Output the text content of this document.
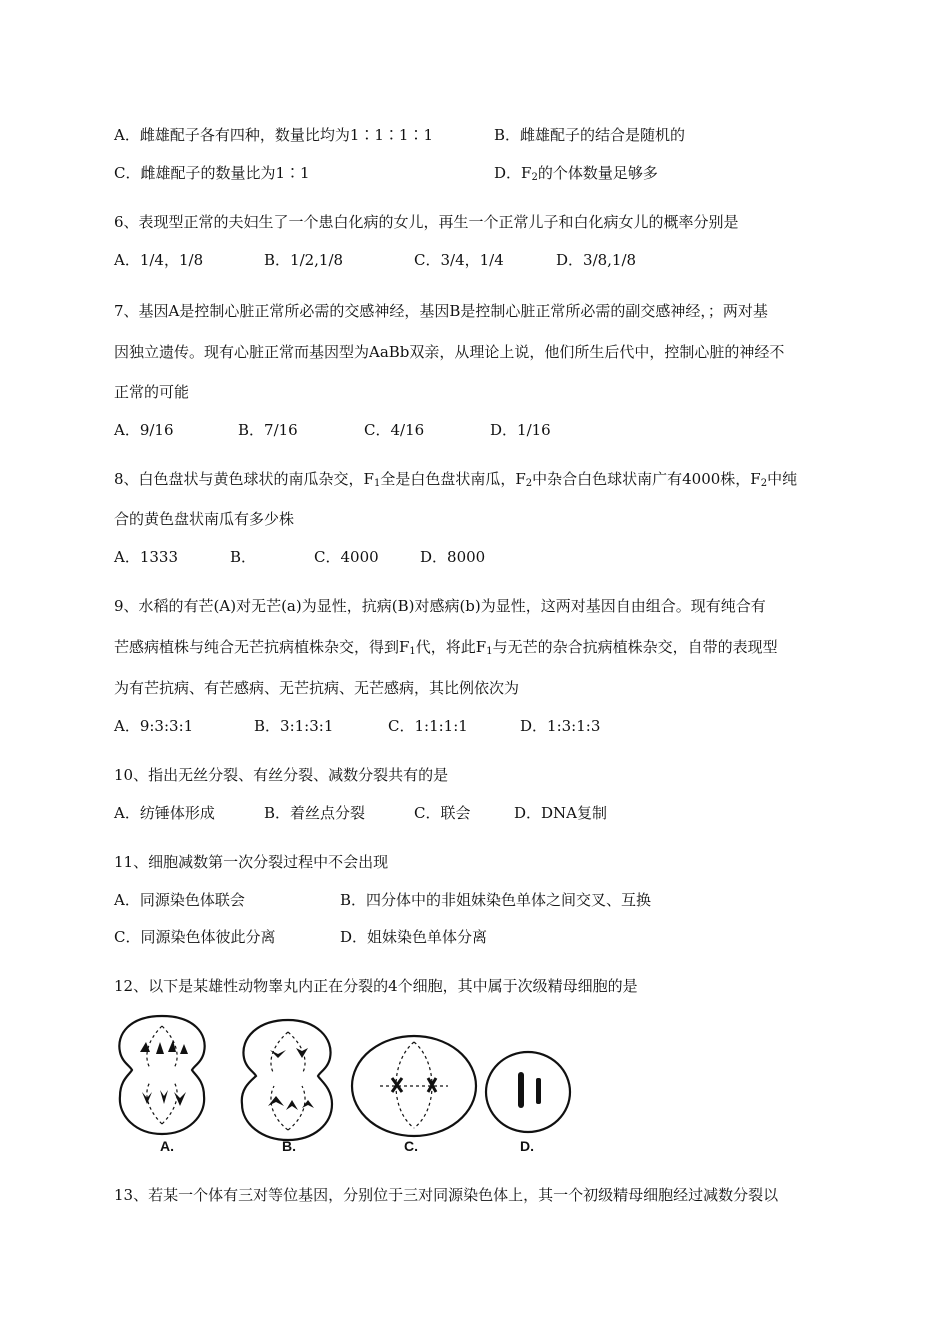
A．雌雄配子各有四种，数量比均为1∶1∶1∶1	B．雌雄配子的结合是随机的
C．雌雄配子的数量比为1∶1	D．$F_2$的个体数量足够多
6、表现型正常的夫妇生了一个患白化病的女儿，再生一个正常儿子和白化病女儿的概率分别是
A．1/4，1/8	B．1/2,1/8	C．3/4，1/4	D．3/8,1/8
7、基因A是控制心脏正常所必需的交感神经，基因B是控制心脏正常所必需的副交感神经，；两对基
因独立遗传。现有心脏正常而基因型为AaBb双亲，从理论上说，他们所生后代中，控制心脏的神经不
正常的可能
A．9/16	B．7/16	C．4/16	D．1/16
8、白色盘状与黄色球状的南瓜杂交，$F_1$全是白色盘状南瓜，$F_2$中杂合白色球状南广有4000株，$F_2$中纯
合的黄色盘状南瓜有多少株
A．1333	B．	C．4000	D．8000
9、水稻的有芒(A)对无芒(a)为显性，抗病(B)对感病(b)为显性，这两对基因自由组合。现有纯合有
芒感病植株与纯合无芒抗病植株杂交，得到$F_1$代，将此$F_1$与无芒的杂合抗病植株杂交，自带的表现型
为有芒抗病、有芒感病、无芒抗病、无芒感病，其比例依次为
A．9:3:3:1	B．3:1:3:1	C．1:1:1:1	D．1:3:1:3
10、指出无丝分裂、有丝分裂、减数分裂共有的是
A．纺锤体形成	B．着丝点分裂	C．联会	D．DNA复制
11、细胞减数第一次分裂过程中不会出现
A．同源染色体联会	B．四分体中的非姐妹染色单体之间交叉、互换
C．同源染色体彼此分离	D．姐妹染色单体分离
12、以下是某雄性动物睾丸内正在分裂的4个细胞，其中属于次级精母细胞的是
A.	B.	C.	D.
13、若某一个体有三对等位基因，分别位于三对同源染色体上，其一个初级精母细胞经过减数分裂以
